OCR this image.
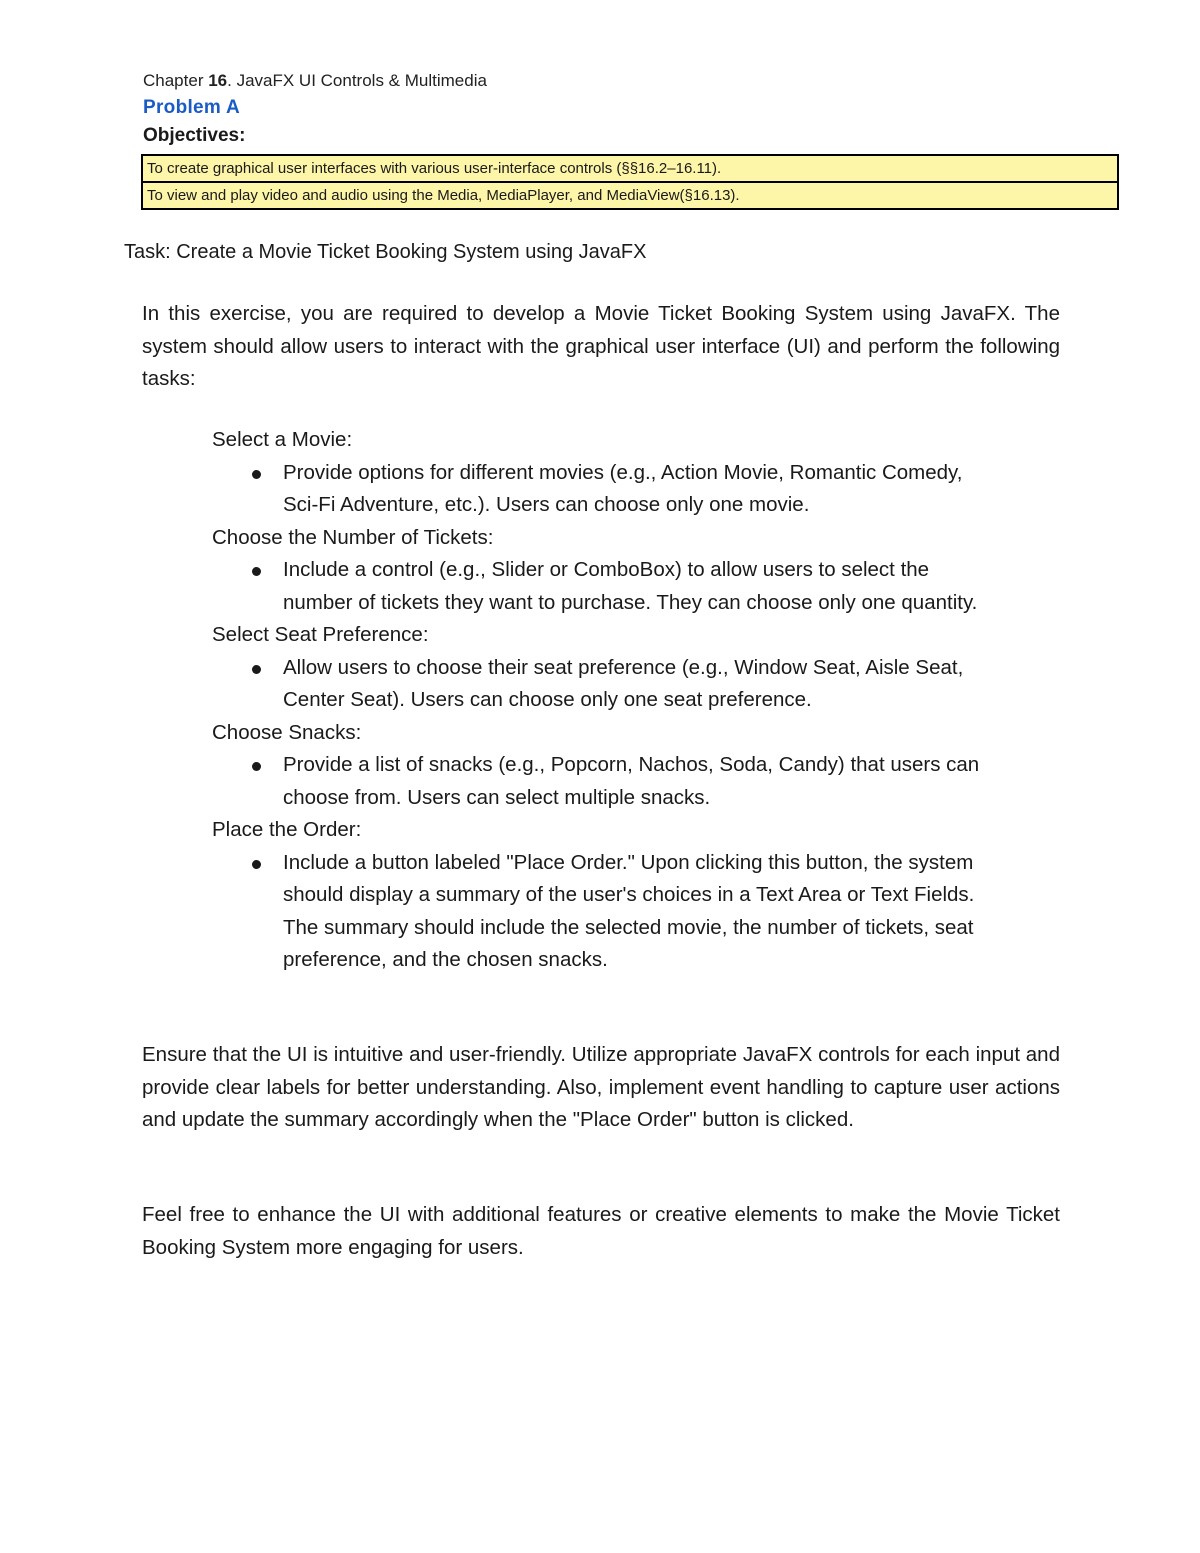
Chapter 16. JavaFX UI Controls & Multimedia
Problem A
Objectives:
To create graphical user interfaces with various user-interface controls (§§16.2–16.11).
To view and play video and audio using the Media, MediaPlayer, and MediaView(§16.13).
Task: Create a Movie Ticket Booking System using JavaFX
In this exercise, you are required to develop a Movie Ticket Booking System using JavaFX. The system should allow users to interact with the graphical user interface (UI) and perform the following tasks:
Select a Movie:
Provide options for different movies (e.g., Action Movie, Romantic Comedy, Sci-Fi Adventure, etc.). Users can choose only one movie.
Choose the Number of Tickets:
Include a control (e.g., Slider or ComboBox) to allow users to select the number of tickets they want to purchase. They can choose only one quantity.
Select Seat Preference:
Allow users to choose their seat preference (e.g., Window Seat, Aisle Seat, Center Seat). Users can choose only one seat preference.
Choose Snacks:
Provide a list of snacks (e.g., Popcorn, Nachos, Soda, Candy) that users can choose from. Users can select multiple snacks.
Place the Order:
Include a button labeled "Place Order." Upon clicking this button, the system should display a summary of the user's choices in a Text Area or Text Fields. The summary should include the selected movie, the number of tickets, seat preference, and the chosen snacks.
Ensure that the UI is intuitive and user-friendly. Utilize appropriate JavaFX controls for each input and provide clear labels for better understanding. Also, implement event handling to capture user actions and update the summary accordingly when the "Place Order" button is clicked.
Feel free to enhance the UI with additional features or creative elements to make the Movie Ticket Booking System more engaging for users.
